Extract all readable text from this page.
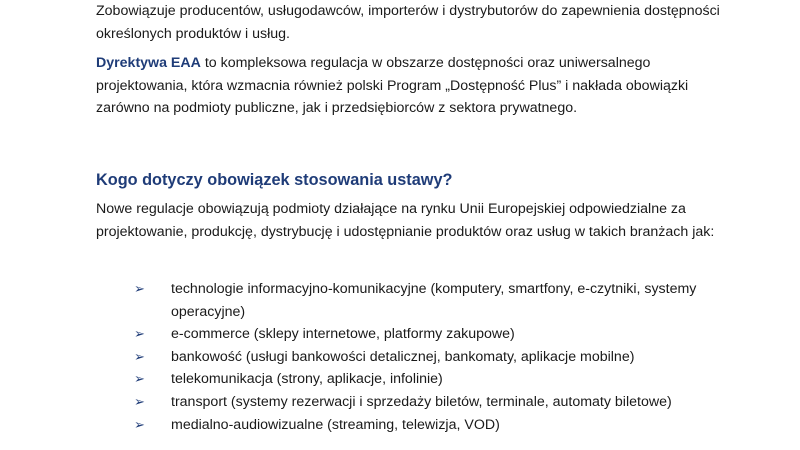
Zobowiązuje producentów, usługodawców, importerów i dystrybutorów do zapewnienia dostępności określonych produktów i usług.

Dyrektywa EAA to kompleksowa regulacja w obszarze dostępności oraz uniwersalnego projektowania, która wzmacnia również polski Program „Dostępność Plus” i nakłada obowiązki zarówno na podmioty publiczne, jak i przedsiębiorców z sektora prywatnego.

Kogo dotyczy obowiązek stosowania ustawy?

Nowe regulacje obowiązują podmioty działające na rynku Unii Europejskiej odpowiedzialne za projektowanie, produkcję, dystrybucję i udostępnianie produktów oraz usług w takich branżach jak:

➢ technologie informacyjno-komunikacyjne (komputery, smartfony, e-czytniki, systemy operacyjne)
➢ e-commerce (sklepy internetowe, platformy zakupowe)
➢ bankowość (usługi bankowości detalicznej, bankomaty, aplikacje mobilne)
➢ telekomunikacja (strony, aplikacje, infolinie)
➢ transport (systemy rezerwacji i sprzedaży biletów, terminale, automaty biletowe)
➢ medialno-audiowizualne (streaming, telewizja, VOD)
